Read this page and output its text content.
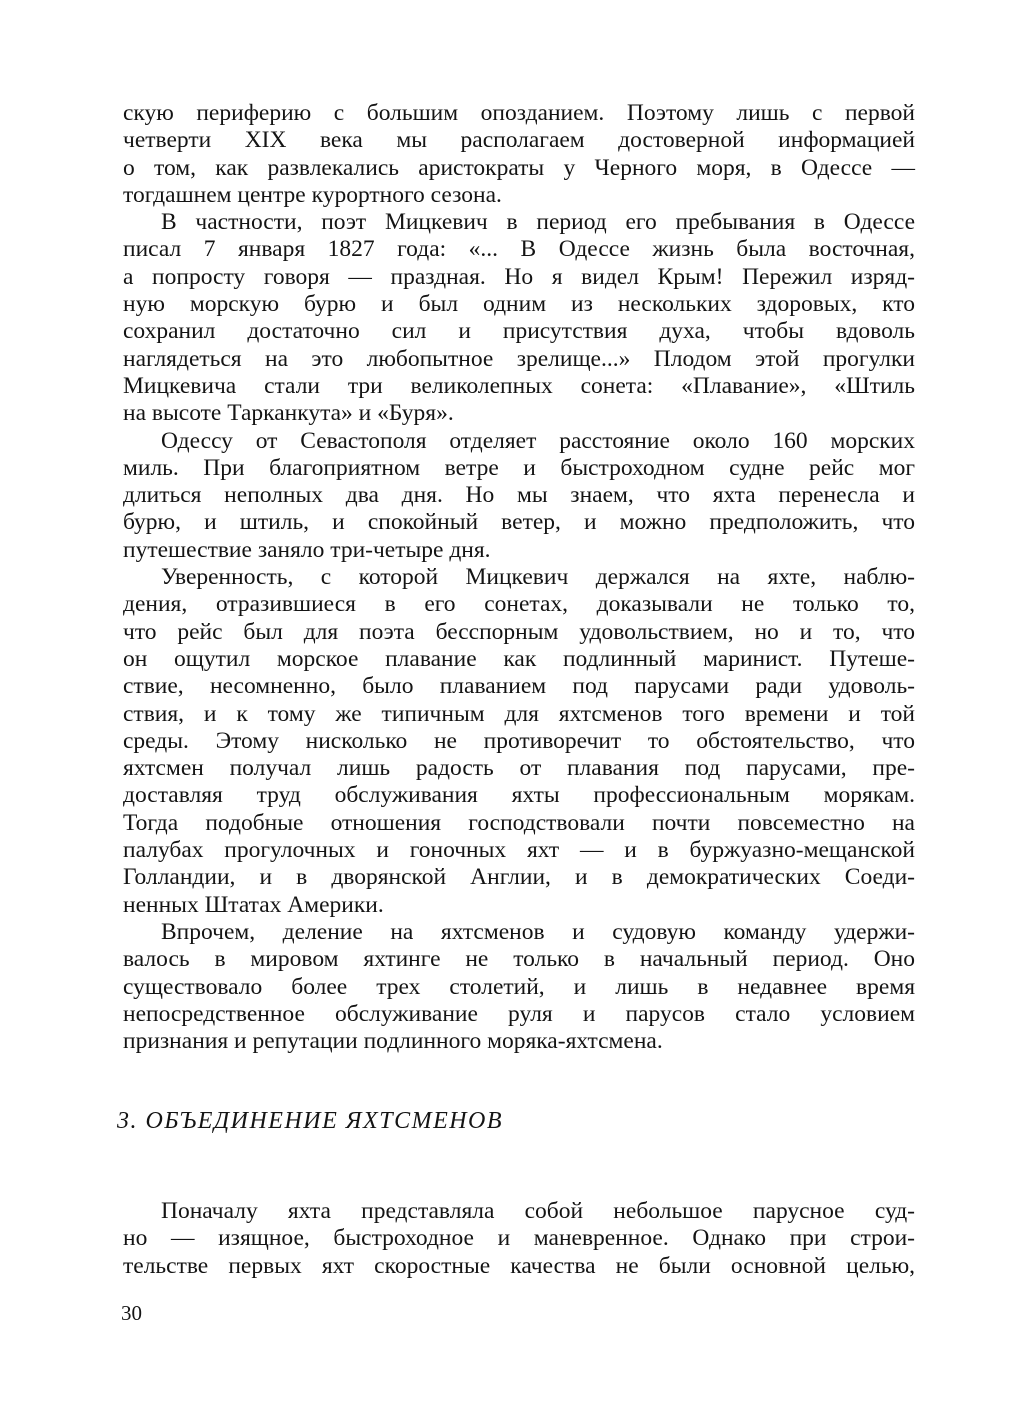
скую периферию с большим опозданием. Поэтому лишь с первой
четверти XIX века мы располагаем достоверной информацией
о том, как развлекались аристократы у Черного моря, в Одессе —
тогдашнем центре курортного сезона.
В частности, поэт Мицкевич в период его пребывания в Одессе
писал 7 января 1827 года: «... В Одессе жизнь была восточная,
а попросту говоря — праздная. Но я видел Крым! Пережил изряд-
ную морскую бурю и был одним из нескольких здоровых, кто
сохранил достаточно сил и присутствия духа, чтобы вдоволь
наглядеться на это любопытное зрелище...» Плодом этой прогулки
Мицкевича стали три великолепных сонета: «Плавание», «Штиль
на высоте Тарканкута» и «Буря».
Одессу от Севастополя отделяет расстояние около 160 морских
миль. При благоприятном ветре и быстроходном судне рейс мог
длиться неполных два дня. Но мы знаем, что яхта перенесла и
бурю, и штиль, и спокойный ветер, и можно предположить, что
путешествие заняло три-четыре дня.
Уверенность, с которой Мицкевич держался на яхте, наблю-
дения, отразившиеся в его сонетах, доказывали не только то,
что рейс был для поэта бесспорным удовольствием, но и то, что
он ощутил морское плавание как подлинный маринист. Путеше-
ствие, несомненно, было плаванием под парусами ради удоволь-
ствия, и к тому же типичным для яхтсменов того времени и той
среды. Этому нисколько не противоречит то обстоятельство, что
яхтсмен получал лишь радость от плавания под парусами, пре-
доставляя труд обслуживания яхты профессиональным морякам.
Тогда подобные отношения господствовали почти повсеместно на
палубах прогулочных и гоночных яхт — и в буржуазно-мещанской
Голландии, и в дворянской Англии, и в демократических Соеди-
ненных Штатах Америки.
Впрочем, деление на яхтсменов и судовую команду удержи-
валось в мировом яхтинге не только в начальный период. Оно
существовало более трех столетий, и лишь в недавнее время
непосредственное обслуживание руля и парусов стало условием
признания и репутации подлинного моряка-яхтсмена.
3. ОБЪЕДИНЕНИЕ ЯХТСМЕНОВ
Поначалу яхта представляла собой небольшое парусное суд-
но — изящное, быстроходное и маневренное. Однако при строи-
тельстве первых яхт скоростные качества не были основной целью,
30
